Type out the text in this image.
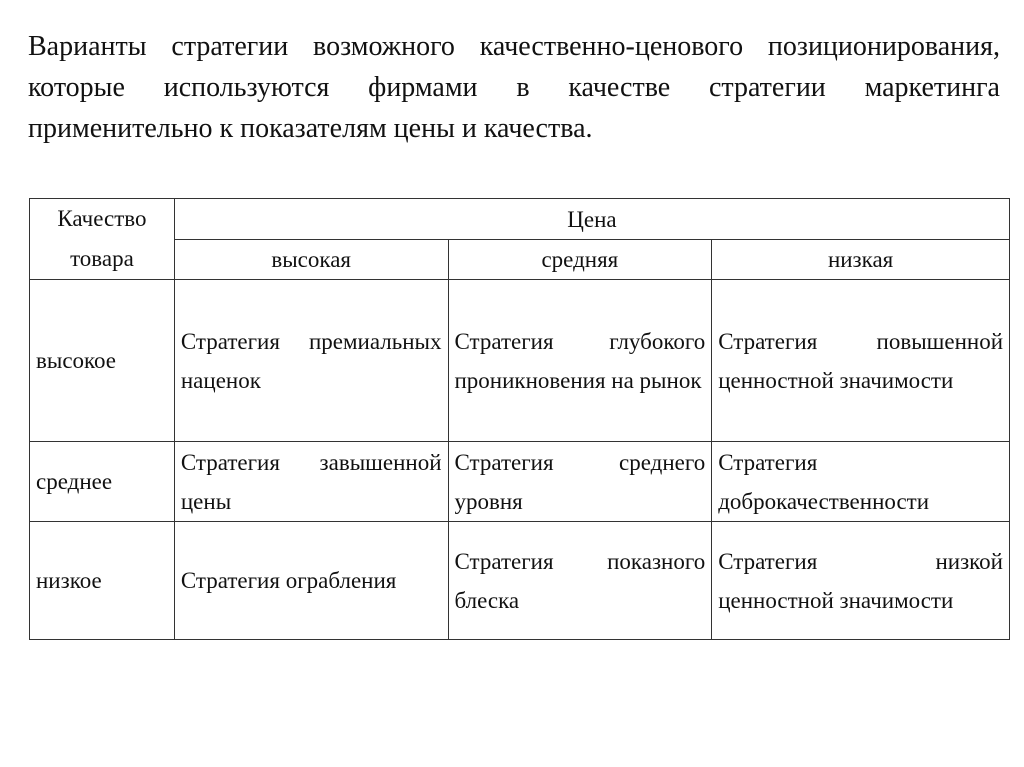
Варианты стратегии возможного качественно-ценового позиционирования, которые используются фирмами в качестве стратегии маркетинга применительно к показателям цены и качества.

Качество
товара	Цена		
	высокая	средняя	низкая
высокое	Стратегия премиальных наценок	Стратегия глубокого проникновения на рынок	Стратегия повышенной ценностной значимости
среднее	Стратегия завышенной цены	Стратегия среднего уровня	Стратегия доброкачественности
низкое	Стратегия ограбления	Стратегия показного блеска	Стратегия низкой ценностной значимости
